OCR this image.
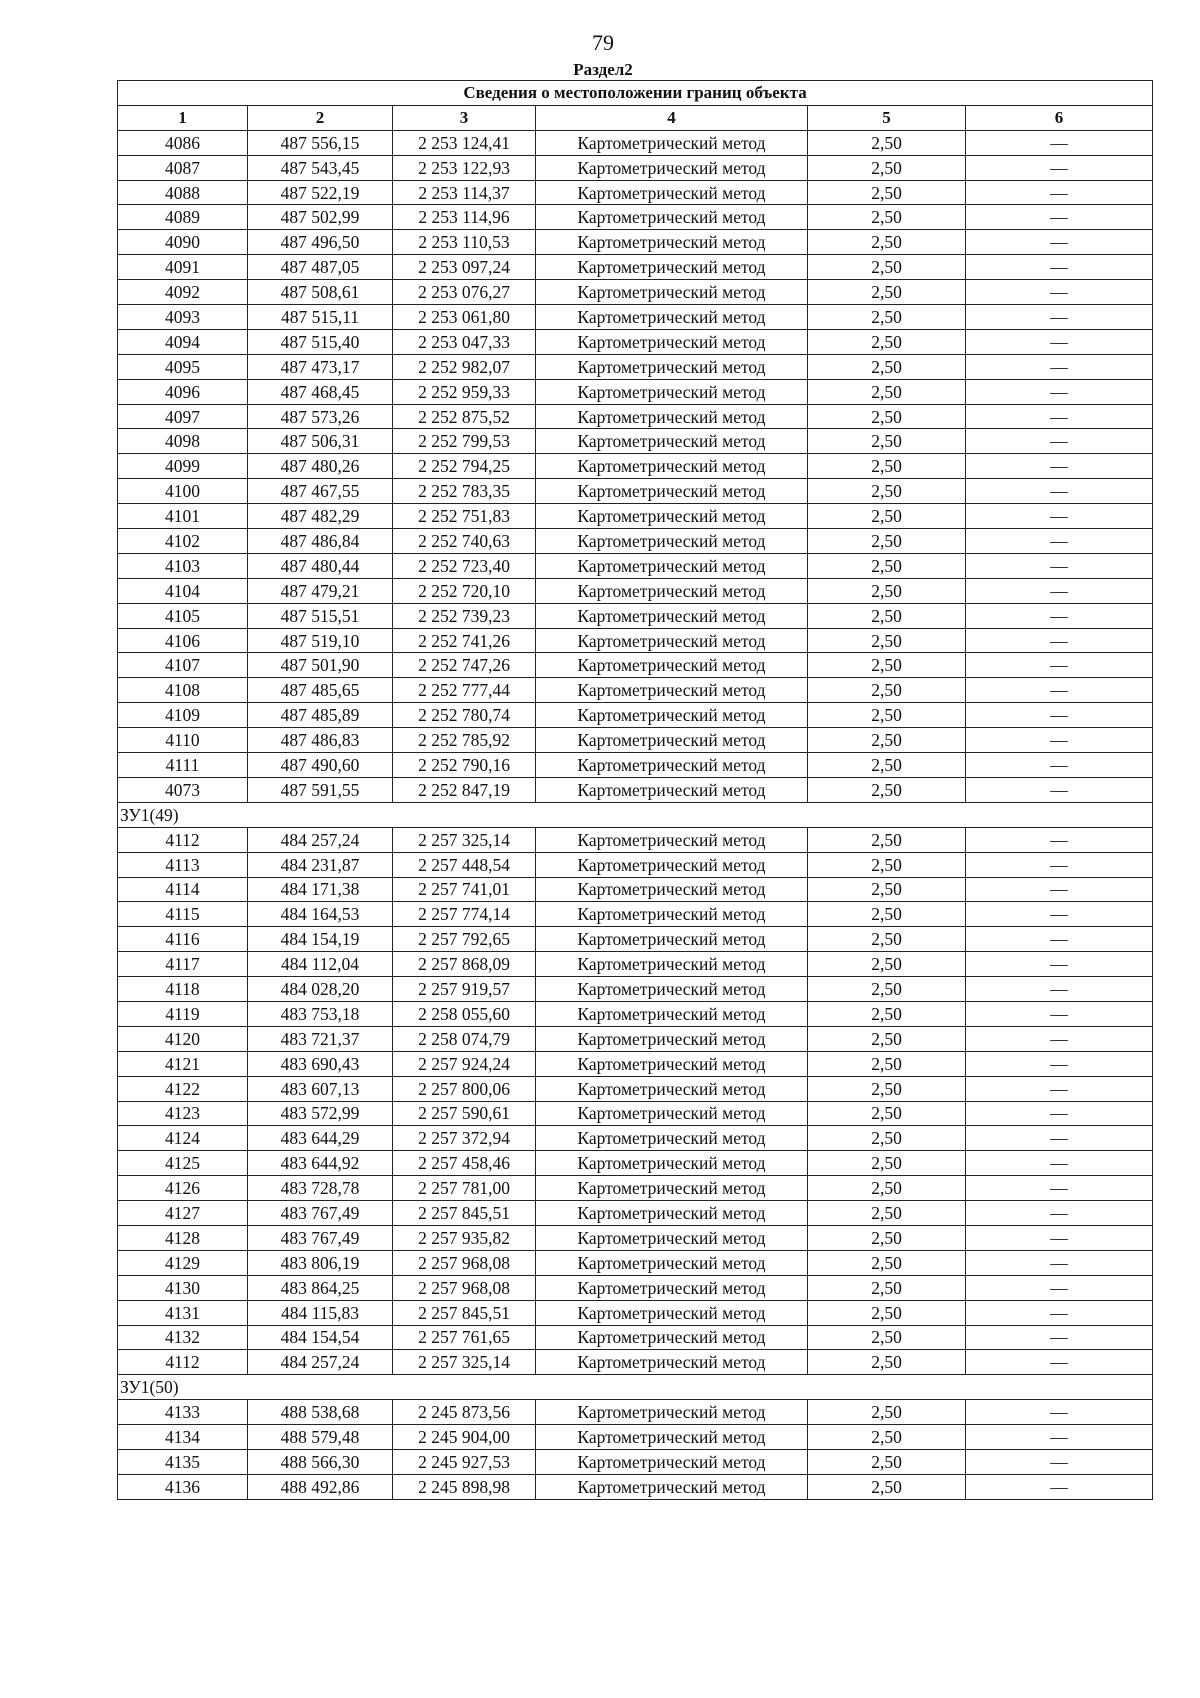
79
Раздел2
Сведения о местоположении границ объекта					
1	2	3	4	5	6
4086	487 556,15	2 253 124,41	Картометрический метод	2,50	—
4087	487 543,45	2 253 122,93	Картометрический метод	2,50	—
4088	487 522,19	2 253 114,37	Картометрический метод	2,50	—
4089	487 502,99	2 253 114,96	Картометрический метод	2,50	—
4090	487 496,50	2 253 110,53	Картометрический метод	2,50	—
4091	487 487,05	2 253 097,24	Картометрический метод	2,50	—
4092	487 508,61	2 253 076,27	Картометрический метод	2,50	—
4093	487 515,11	2 253 061,80	Картометрический метод	2,50	—
4094	487 515,40	2 253 047,33	Картометрический метод	2,50	—
4095	487 473,17	2 252 982,07	Картометрический метод	2,50	—
4096	487 468,45	2 252 959,33	Картометрический метод	2,50	—
4097	487 573,26	2 252 875,52	Картометрический метод	2,50	—
4098	487 506,31	2 252 799,53	Картометрический метод	2,50	—
4099	487 480,26	2 252 794,25	Картометрический метод	2,50	—
4100	487 467,55	2 252 783,35	Картометрический метод	2,50	—
4101	487 482,29	2 252 751,83	Картометрический метод	2,50	—
4102	487 486,84	2 252 740,63	Картометрический метод	2,50	—
4103	487 480,44	2 252 723,40	Картометрический метод	2,50	—
4104	487 479,21	2 252 720,10	Картометрический метод	2,50	—
4105	487 515,51	2 252 739,23	Картометрический метод	2,50	—
4106	487 519,10	2 252 741,26	Картометрический метод	2,50	—
4107	487 501,90	2 252 747,26	Картометрический метод	2,50	—
4108	487 485,65	2 252 777,44	Картометрический метод	2,50	—
4109	487 485,89	2 252 780,74	Картометрический метод	2,50	—
4110	487 486,83	2 252 785,92	Картометрический метод	2,50	—
4111	487 490,60	2 252 790,16	Картометрический метод	2,50	—
4073	487 591,55	2 252 847,19	Картометрический метод	2,50	—
ЗУ1(49)					
4112	484 257,24	2 257 325,14	Картометрический метод	2,50	—
4113	484 231,87	2 257 448,54	Картометрический метод	2,50	—
4114	484 171,38	2 257 741,01	Картометрический метод	2,50	—
4115	484 164,53	2 257 774,14	Картометрический метод	2,50	—
4116	484 154,19	2 257 792,65	Картометрический метод	2,50	—
4117	484 112,04	2 257 868,09	Картометрический метод	2,50	—
4118	484 028,20	2 257 919,57	Картометрический метод	2,50	—
4119	483 753,18	2 258 055,60	Картометрический метод	2,50	—
4120	483 721,37	2 258 074,79	Картометрический метод	2,50	—
4121	483 690,43	2 257 924,24	Картометрический метод	2,50	—
4122	483 607,13	2 257 800,06	Картометрический метод	2,50	—
4123	483 572,99	2 257 590,61	Картометрический метод	2,50	—
4124	483 644,29	2 257 372,94	Картометрический метод	2,50	—
4125	483 644,92	2 257 458,46	Картометрический метод	2,50	—
4126	483 728,78	2 257 781,00	Картометрический метод	2,50	—
4127	483 767,49	2 257 845,51	Картометрический метод	2,50	—
4128	483 767,49	2 257 935,82	Картометрический метод	2,50	—
4129	483 806,19	2 257 968,08	Картометрический метод	2,50	—
4130	483 864,25	2 257 968,08	Картометрический метод	2,50	—
4131	484 115,83	2 257 845,51	Картометрический метод	2,50	—
4132	484 154,54	2 257 761,65	Картометрический метод	2,50	—
4112	484 257,24	2 257 325,14	Картометрический метод	2,50	—
ЗУ1(50)					
4133	488 538,68	2 245 873,56	Картометрический метод	2,50	—
4134	488 579,48	2 245 904,00	Картометрический метод	2,50	—
4135	488 566,30	2 245 927,53	Картометрический метод	2,50	—
4136	488 492,86	2 245 898,98	Картометрический метод	2,50	—
